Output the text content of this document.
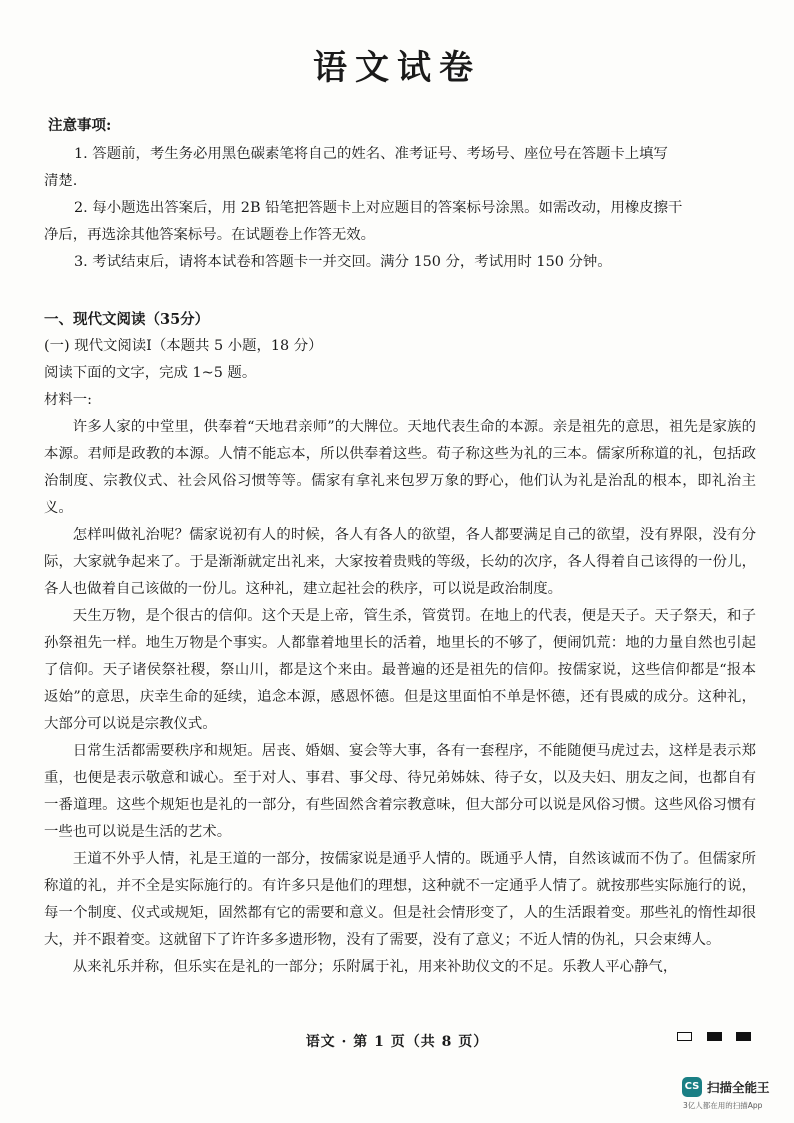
语文试卷
注意事项:

1. 答题前，考生务必用黑色碳素笔将自己的姓名、准考证号、考场号、座位号在答题卡上填写
清楚.

2. 每小题选出答案后，用 2B 铅笔把答题卡上对应题目的答案标号涂黑。如需改动，用橡皮擦干
净后，再选涂其他答案标号。在试题卷上作答无效。

3. 考试结束后，请将本试卷和答题卡一并交回。满分 150 分，考试用时 150 分钟。

一、现代文阅读（35分）

(一) 现代文阅读Ⅰ（本题共 5 小题，18 分）

阅读下面的文字，完成 1~5 题。

材料一:

许多人家的中堂里，供奉着“天地君亲师”的大牌位。天地代表生命的本源。亲是祖先的意思，祖先是家族的本源。君师是政教的本源。人情不能忘本，所以供奉着这些。荀子称这些为礼的三本。儒家所称道的礼，包括政治制度、宗教仪式、社会风俗习惯等等。儒家有拿礼来包罗万象的野心，他们认为礼是治乱的根本，即礼治主义。

怎样叫做礼治呢？儒家说初有人的时候，各人有各人的欲望，各人都要满足自己的欲望，没有界限，没有分际，大家就争起来了。于是渐渐就定出礼来，大家按着贵贱的等级，长幼的次序，各人得着自己该得的一份儿，各人也做着自己该做的一份儿。这种礼，建立起社会的秩序，可以说是政治制度。

天生万物，是个很古的信仰。这个天是上帝，管生杀，管赏罚。在地上的代表，便是天子。天子祭天，和子孙祭祖先一样。地生万物是个事实。人都靠着地里长的活着，地里长的不够了，便闹饥荒：地的力量自然也引起了信仰。天子诸侯祭社稷，祭山川，都是这个来由。最普遍的还是祖先的信仰。按儒家说，这些信仰都是“报本返始”的意思，庆幸生命的延续，追念本源，感恩怀德。但是这里面怕不单是怀德，还有畏威的成分。这种礼，大部分可以说是宗教仪式。

日常生活都需要秩序和规矩。居丧、婚姻、宴会等大事，各有一套程序，不能随便马虎过去，这样是表示郑重，也便是表示敬意和诚心。至于对人、事君、事父母、待兄弟姊妹、待子女，以及夫妇、朋友之间，也都自有一番道理。这些个规矩也是礼的一部分，有些固然含着宗教意味，但大部分可以说是风俗习惯。这些风俗习惯有一些也可以说是生活的艺术。

王道不外乎人情，礼是王道的一部分，按儒家说是通乎人情的。既通乎人情，自然该诚而不伪了。但儒家所称道的礼，并不全是实际施行的。有许多只是他们的理想，这种就不一定通乎人情了。就按那些实际施行的说，每一个制度、仪式或规矩，固然都有它的需要和意义。但是社会情形变了，人的生活跟着变。那些礼的惰性却很大，并不跟着变。这就留下了许许多多遗形物，没有了需要，没有了意义；不近人情的伪礼，只会束缚人。

从来礼乐并称，但乐实在是礼的一部分；乐附属于礼，用来补助仪文的不足。乐教人平心静气，

语文 · 第 1 页（共 8 页）
CS 扫描全能王
3亿人都在用的扫描App
